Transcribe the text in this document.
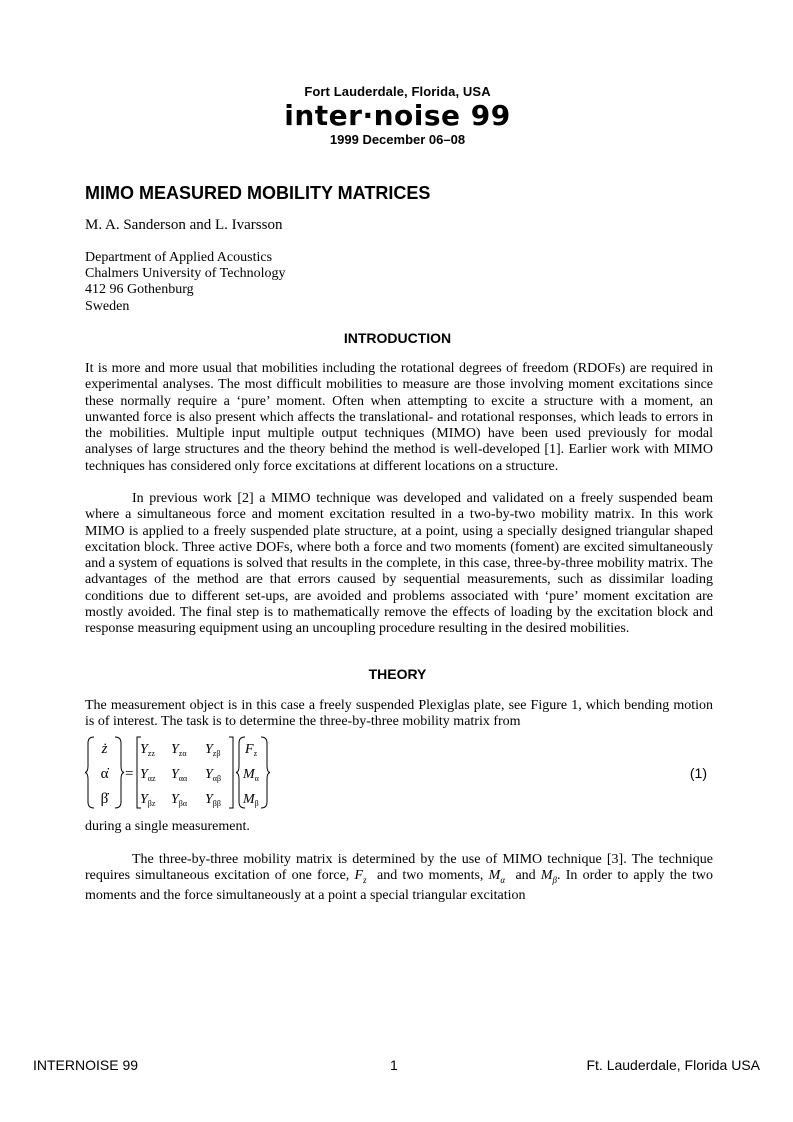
Fort Lauderdale, Florida, USA
inter·noise 99
1999 December 06–08
MIMO MEASURED MOBILITY MATRICES
M. A. Sanderson and L. Ivarsson
Department of Applied Acoustics
Chalmers University of Technology
412 96 Gothenburg
Sweden
INTRODUCTION
It is more and more usual that mobilities including the rotational degrees of freedom (RDOFs) are required in experimental analyses. The most difficult mobilities to measure are those involving moment excitations since these normally require a ‘pure’ moment. Often when attempting to excite a structure with a moment, an unwanted force is also present which affects the translational- and rotational responses, which leads to errors in the mobilities. Multiple input multiple output techniques (MIMO) have been used previously for modal analyses of large structures and the theory behind the method is well-developed [1]. Earlier work with MIMO techniques has considered only force excitations at different locations on a structure.
In previous work [2] a MIMO technique was developed and validated on a freely suspended beam where a simultaneous force and moment excitation resulted in a two-by-two mobility matrix. In this work MIMO is applied to a freely suspended plate structure, at a point, using a specially designed triangular shaped excitation block. Three active DOFs, where both a force and two moments (foment) are excited simultaneously and a system of equations is solved that results in the complete, in this case, three-by-three mobility matrix. The advantages of the method are that errors caused by sequential measurements, such as dissimilar loading conditions due to different set-ups, are avoided and problems associated with ‘pure’ moment excitation are mostly avoided. The final step is to mathematically remove the effects of loading by the excitation block and response measuring equipment using an uncoupling procedure resulting in the desired mobilities.
THEORY
The measurement object is in this case a freely suspended Plexiglas plate, see Figure 1, which bending motion is of interest. The task is to determine the three-by-three mobility matrix from
ż
α̇
β̇
=
$Y_{zz}$ $Y_{z\alpha}$ $Y_{z\beta}$
$Y_{\alpha z}$ $Y_{\alpha\alpha}$ $Y_{\alpha\beta}$
$Y_{\beta z}$ $Y_{\beta\alpha}$ $Y_{\beta\beta}$
$F_z$
$M_\alpha$
$M_\beta$
(1)
during a single measurement.
The three-by-three mobility matrix is determined by the use of MIMO technique [3]. The technique requires simultaneous excitation of one force, $F_z$ and two moments, $M_\alpha$ and $M_\beta$. In order to apply the two moments and the force simultaneously at a point a special triangular excitation
INTERNOISE 99	1	Ft. Lauderdale, Florida USA
